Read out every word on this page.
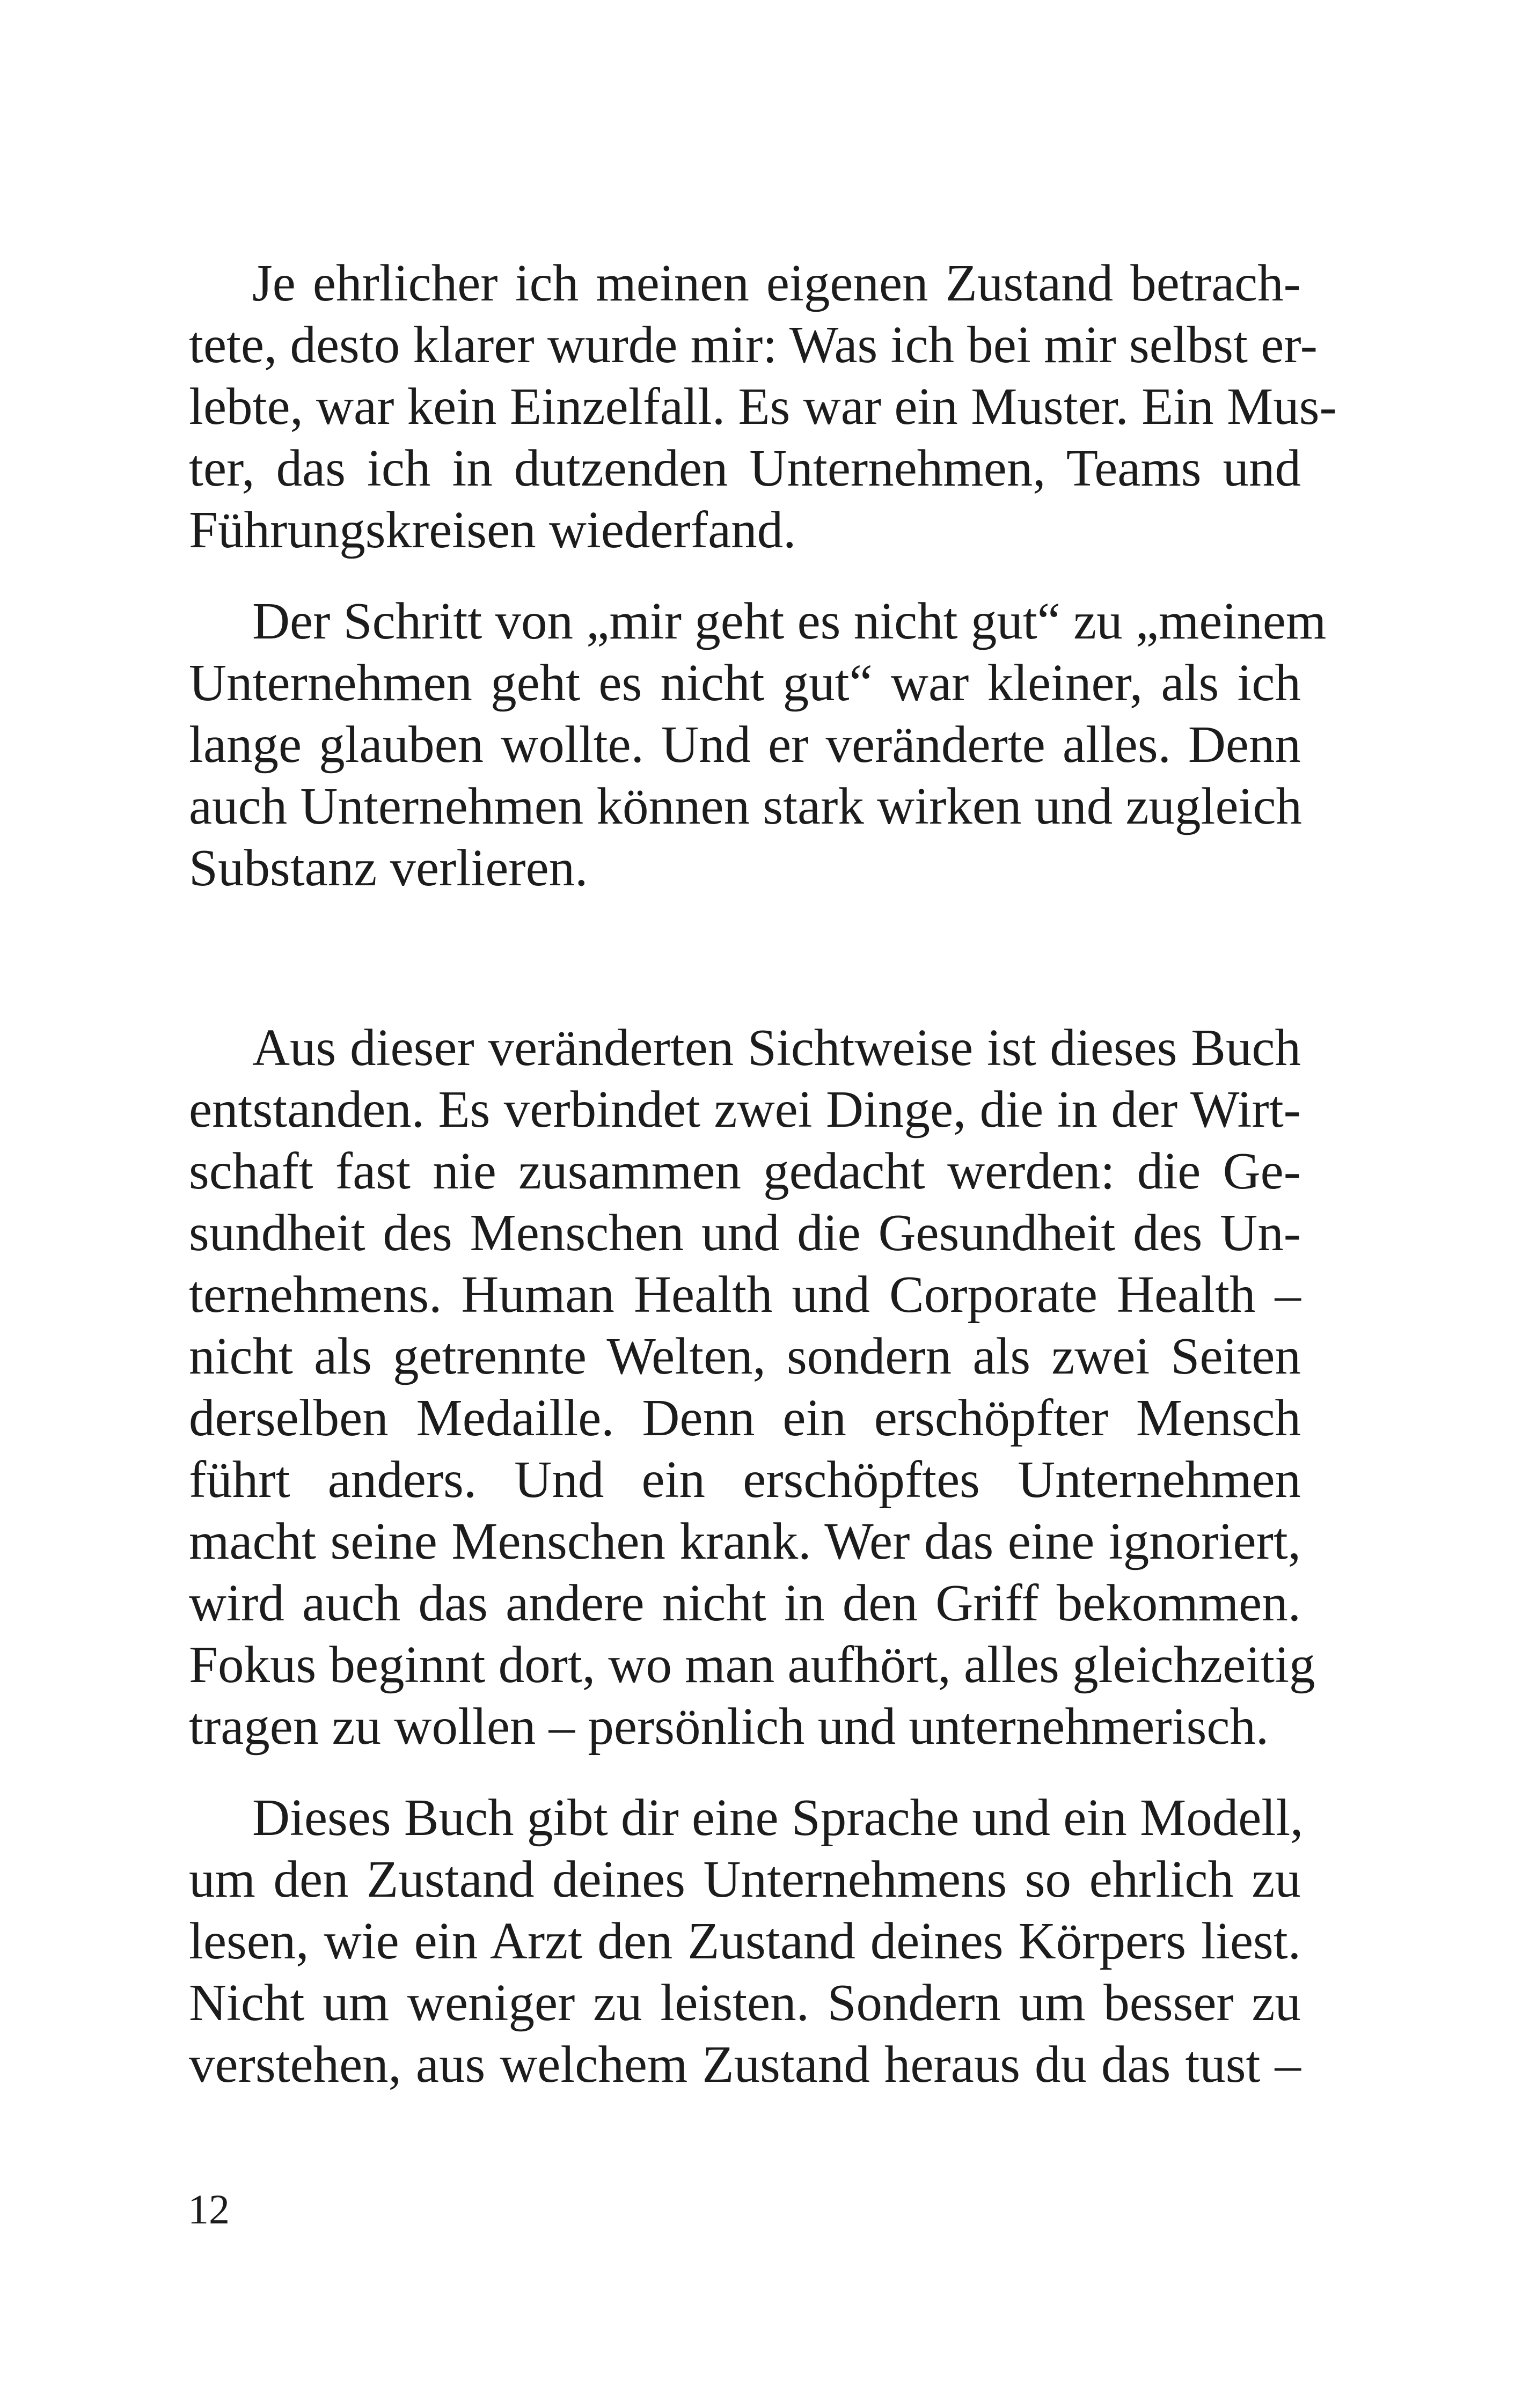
Je ehrlicher ich meinen eigenen Zustand betrach-
tete, desto klarer wurde mir: Was ich bei mir selbst er-
lebte, war kein Einzelfall. Es war ein Muster. Ein Mus-
ter, das ich in dutzenden Unternehmen, Teams und
Führungskreisen wiederfand.
Der Schritt von „mir geht es nicht gut“ zu „meinem
Unternehmen geht es nicht gut“ war kleiner, als ich
lange glauben wollte. Und er veränderte alles. Denn
auch Unternehmen können stark wirken und zugleich
Substanz verlieren.
Aus dieser veränderten Sichtweise ist dieses Buch
entstanden. Es verbindet zwei Dinge, die in der Wirt-
schaft fast nie zusammen gedacht werden: die Ge-
sundheit des Menschen und die Gesundheit des Un-
ternehmens. Human Health und Corporate Health –
nicht als getrennte Welten, sondern als zwei Seiten
derselben Medaille. Denn ein erschöpfter Mensch
führt anders. Und ein erschöpftes Unternehmen
macht seine Menschen krank. Wer das eine ignoriert,
wird auch das andere nicht in den Griff bekommen.
Fokus beginnt dort, wo man aufhört, alles gleichzeitig
tragen zu wollen – persönlich und unternehmerisch.
Dieses Buch gibt dir eine Sprache und ein Modell,
um den Zustand deines Unternehmens so ehrlich zu
lesen, wie ein Arzt den Zustand deines Körpers liest.
Nicht um weniger zu leisten. Sondern um besser zu
verstehen, aus welchem Zustand heraus du das tust –
12
